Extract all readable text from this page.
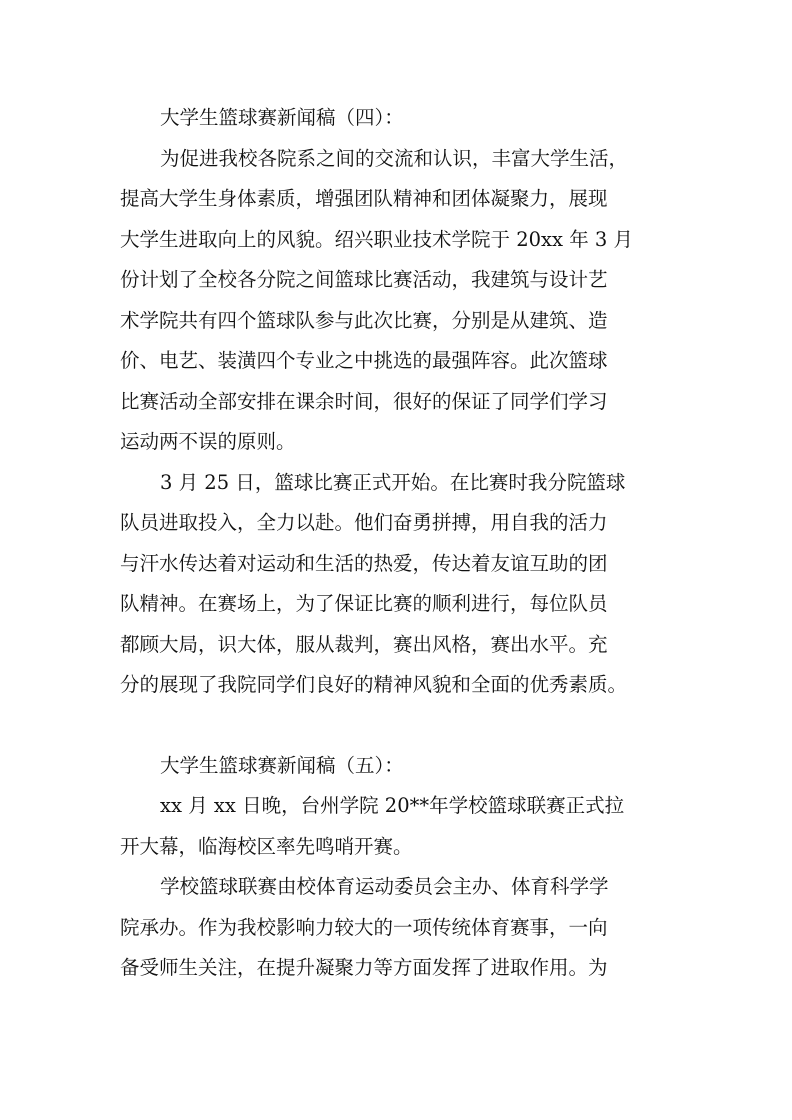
大学生篮球赛新闻稿（四）：

为促进我校各院系之间的交流和认识，丰富大学生活，
提高大学生身体素质，增强团队精神和团体凝聚力，展现
大学生进取向上的风貌。绍兴职业技术学院于 20xx 年 3 月
份计划了全校各分院之间篮球比赛活动，我建筑与设计艺
术学院共有四个篮球队参与此次比赛，分别是从建筑、造
价、电艺、装潢四个专业之中挑选的最强阵容。此次篮球
比赛活动全部安排在课余时间，很好的保证了同学们学习
运动两不误的原则。

3 月 25 日，篮球比赛正式开始。在比赛时我分院篮球
队员进取投入，全力以赴。他们奋勇拼搏，用自我的活力
与汗水传达着对运动和生活的热爱，传达着友谊互助的团
队精神。在赛场上，为了保证比赛的顺利进行，每位队员
都顾大局，识大体，服从裁判，赛出风格，赛出水平。充
分的展现了我院同学们良好的精神风貌和全面的优秀素质。

大学生篮球赛新闻稿（五）：

xx 月 xx 日晚，台州学院 20**年学校篮球联赛正式拉
开大幕，临海校区率先鸣哨开赛。

学校篮球联赛由校体育运动委员会主办、体育科学学
院承办。作为我校影响力较大的一项传统体育赛事，一向
备受师生关注，在提升凝聚力等方面发挥了进取作用。为
